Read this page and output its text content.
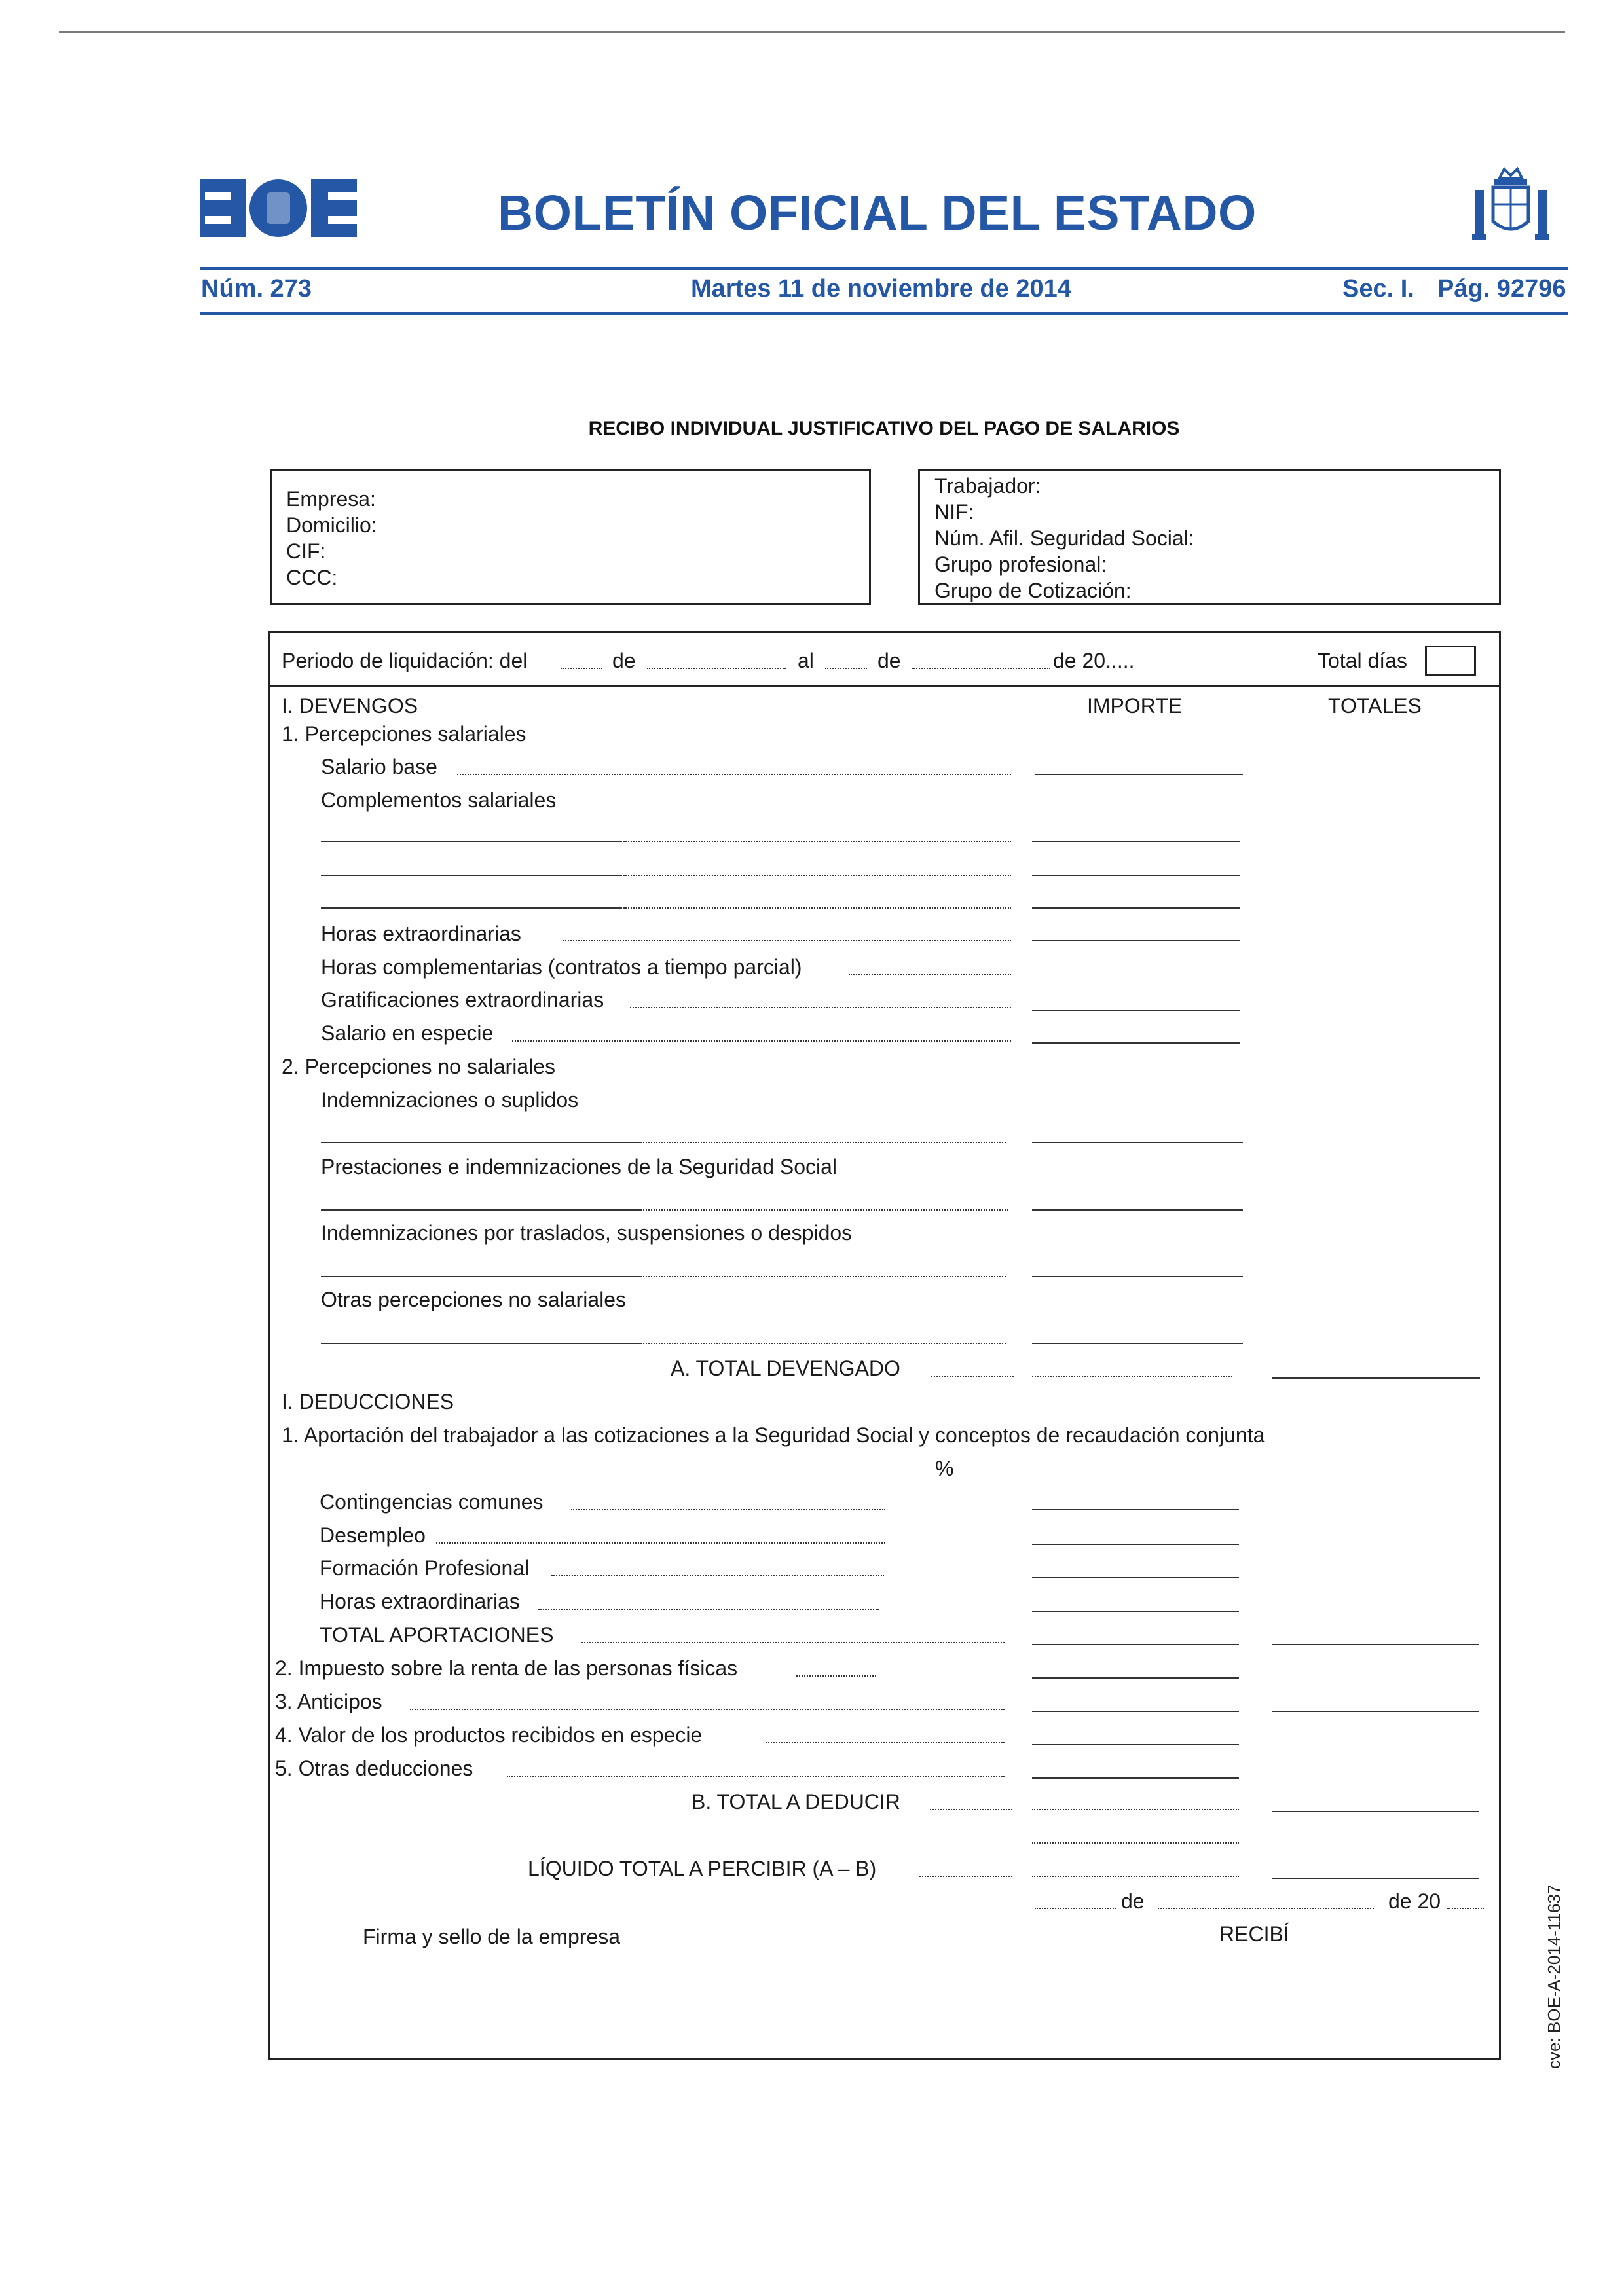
BOLETÍN OFICIAL DEL ESTADO
Núm. 273	Martes 11 de noviembre de 2014	Sec. I. Pág. 92796
RECIBO INDIVIDUAL JUSTIFICATIVO DEL PAGO DE SALARIOS
Empresa:
Domicilio:
CIF:
CCC:
Trabajador:
NIF:
Núm. Afil. Seguridad Social:
Grupo profesional:
Grupo de Cotización:
Periodo de liquidación: del	de	al	de	de 20.....	Total días
IMPORTE	TOTALES
I. DEVENGOS
1. Percepciones salariales
Salario base
Complementos salariales
Horas extraordinarias
Horas complementarias (contratos a tiempo parcial)
Gratificaciones extraordinarias
Salario en especie
2. Percepciones no salariales
Indemnizaciones o suplidos
Prestaciones e indemnizaciones de la Seguridad Social
Indemnizaciones por traslados, suspensiones o despidos
Otras percepciones no salariales
A. TOTAL DEVENGADO
I. DEDUCCIONES
1. Aportación del trabajador a las cotizaciones a la Seguridad Social y conceptos de recaudación conjunta
%
Contingencias comunes
Desempleo
Formación Profesional
Horas extraordinarias
TOTAL APORTACIONES
2. Impuesto sobre la renta de las personas físicas
3. Anticipos
4. Valor de los productos recibidos en especie
5. Otras deducciones
B. TOTAL A DEDUCIR
LÍQUIDO TOTAL A PERCIBIR (A – B)
de	de 20
Firma y sello de la empresa	RECIBÍ	cve: BOE-A-2014-11637
